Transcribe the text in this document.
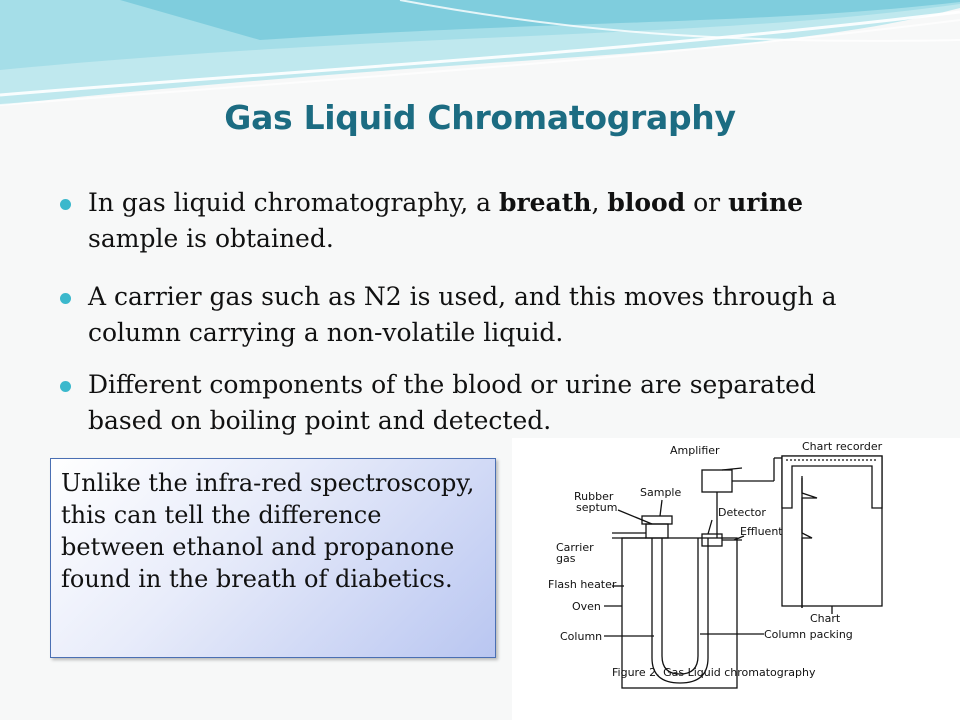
Gas Liquid Chromatography
In gas liquid chromatography, a breath, blood or urine sample is obtained.
A carrier gas such as N2 is used, and this moves through a column carrying a non-volatile liquid.
Different components of the blood or urine are separated based on boiling point and detected.
Unlike the infra-red spectroscopy, this can tell the difference between ethanol and propanone found in the breath of diabetics.
Chart recorder
Amplifier
Rubber
septum
Sample
Detector
Effluent
Carrier
gas
Flash heater
Oven
Column	Column packing
Chart
Figure 2. Gas Liquid chromatography
